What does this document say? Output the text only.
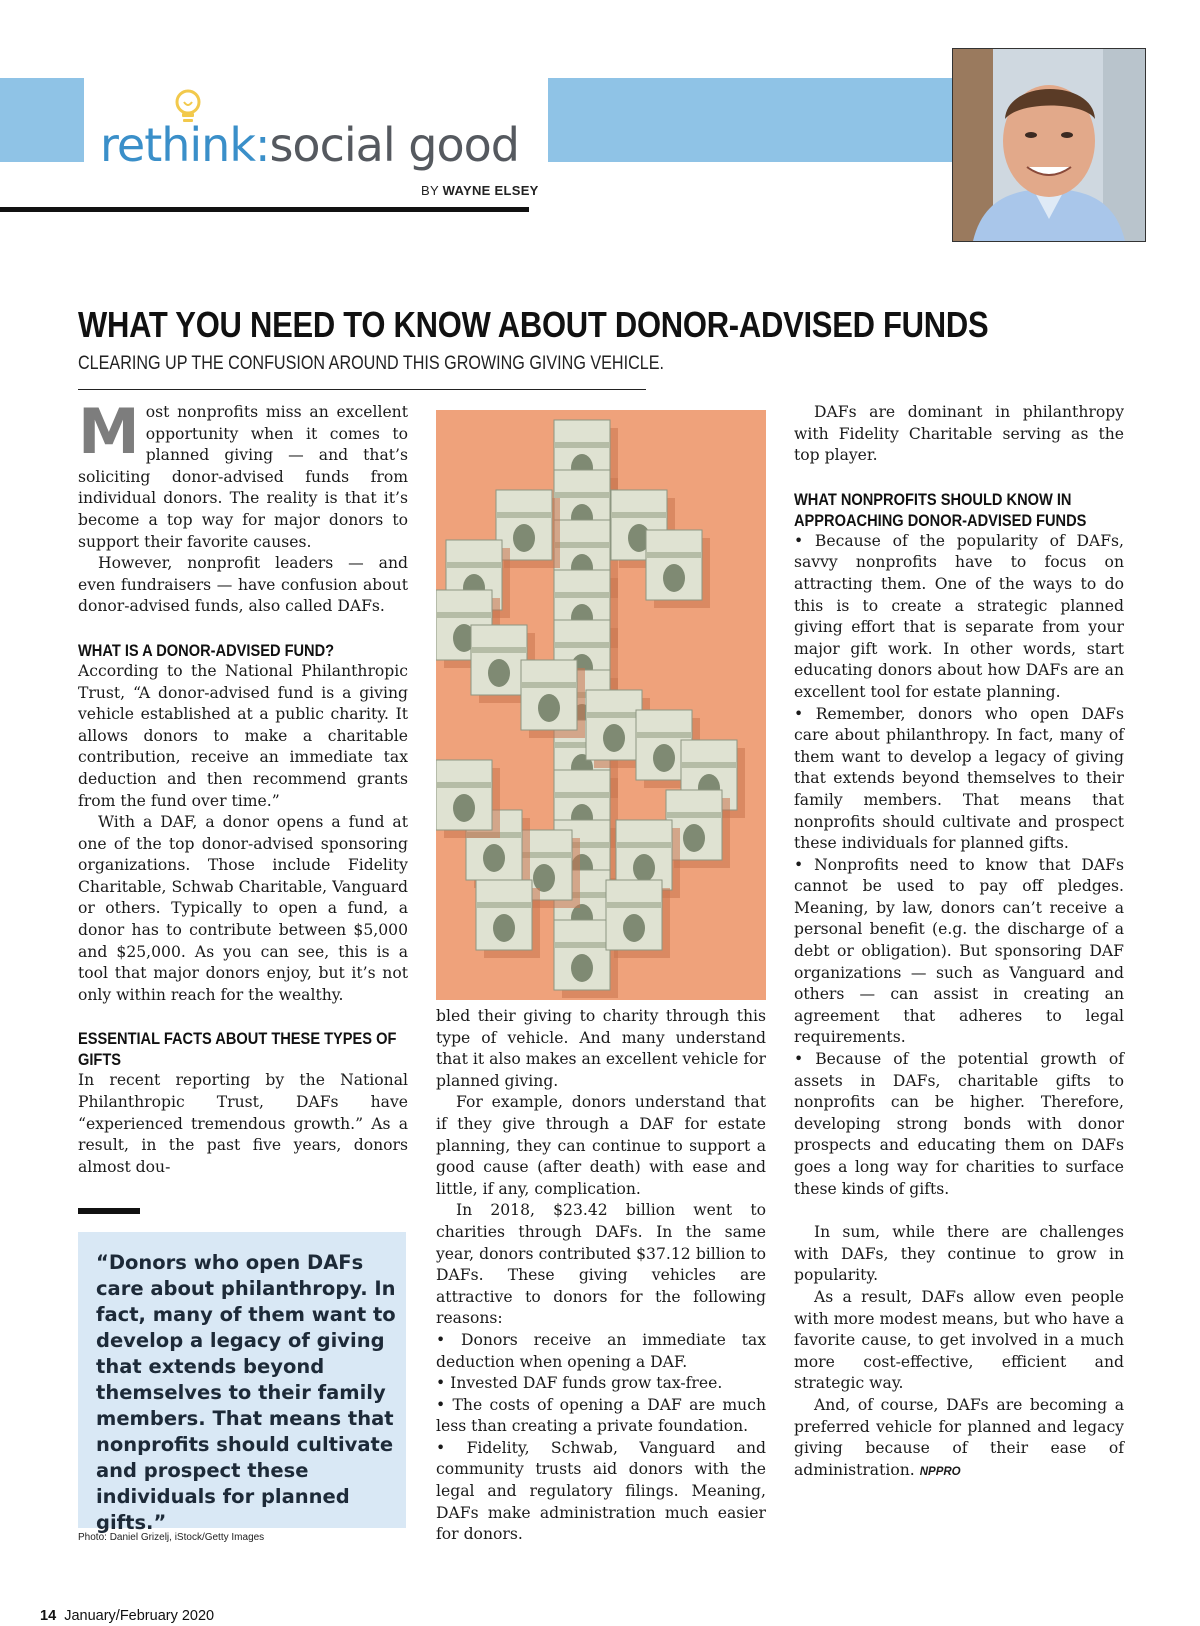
rethink:social good
BY WAYNE ELSEY
WHAT YOU NEED TO KNOW ABOUT DONOR-ADVISED FUNDS
CLEARING UP THE CONFUSION AROUND THIS GROWING GIVING VEHICLE.

Most nonprofits miss an excellent opportunity when it comes to planned giving — and that’s soliciting donor-advised funds from individual donors. The reality is that it’s become a top way for major donors to support their favorite causes.

However, nonprofit leaders — and even fundraisers — have confusion about donor-advised funds, also called DAFs.

WHAT IS A DONOR-ADVISED FUND?

According to the National Philanthropic Trust, “A donor-advised fund is a giving vehicle established at a public charity. It allows donors to make a charitable contribution, receive an immediate tax deduction and then recommend grants from the fund over time.”

With a DAF, a donor opens a fund at one of the top donor-advised sponsoring organizations. Those include Fidelity Charitable, Schwab Charitable, Vanguard or others. Typically to open a fund, a donor has to contribute between $5,000 and $25,000. As you can see, this is a tool that major donors enjoy, but it’s not only within reach for the wealthy.

ESSENTIAL FACTS ABOUT THESE TYPES OF GIFTS

In recent reporting by the National Philanthropic Trust, DAFs have “experienced tremendous growth.” As a result, in the past five years, donors almost dou-

“Donors who open DAFs care about philanthropy. In fact, many of them want to develop a legacy of giving that extends beyond themselves to their family members. That means that nonprofits should cultivate and prospect these individuals for planned gifts.”
Photo: Daniel Grizelj, iStock/Getty Images

bled their giving to charity through this type of vehicle. And many understand that it also makes an excellent vehicle for planned giving.

For example, donors understand that if they give through a DAF for estate planning, they can continue to support a good cause (after death) with ease and little, if any, complication.

In 2018, $23.42 billion went to charities through DAFs. In the same year, donors contributed $37.12 billion to DAFs. These giving vehicles are attractive to donors for the following reasons:

• Donors receive an immediate tax deduction when opening a DAF.

• Invested DAF funds grow tax-free.

• The costs of opening a DAF are much less than creating a private foundation.

• Fidelity, Schwab, Vanguard and community trusts aid donors with the legal and regulatory filings. Meaning, DAFs make administration much easier for donors.

DAFs are dominant in philanthropy with Fidelity Charitable serving as the top player.

WHAT NONPROFITS SHOULD KNOW IN APPROACHING DONOR-ADVISED FUNDS

• Because of the popularity of DAFs, savvy nonprofits have to focus on attracting them. One of the ways to do this is to create a strategic planned giving effort that is separate from your major gift work. In other words, start educating donors about how DAFs are an excellent tool for estate planning.

• Remember, donors who open DAFs care about philanthropy. In fact, many of them want to develop a legacy of giving that extends beyond themselves to their family members. That means that nonprofits should cultivate and prospect these individuals for planned gifts.

• Nonprofits need to know that DAFs cannot be used to pay off pledges. Meaning, by law, donors can’t receive a personal benefit (e.g. the discharge of a debt or obligation). But sponsoring DAF organizations — such as Vanguard and others — can assist in creating an agreement that adheres to legal requirements.

• Because of the potential growth of assets in DAFs, charitable gifts to nonprofits can be higher. Therefore, developing strong bonds with donor prospects and educating them on DAFs goes a long way for charities to surface these kinds of gifts.

In sum, while there are challenges with DAFs, they continue to grow in popularity.

As a result, DAFs allow even people with more modest means, but who have a favorite cause, to get involved in a much more cost-effective, efficient and strategic way.

And, of course, DAFs are becoming a preferred vehicle for planned and legacy giving because of their ease of administration. NPPRO

14 January/February 2020
